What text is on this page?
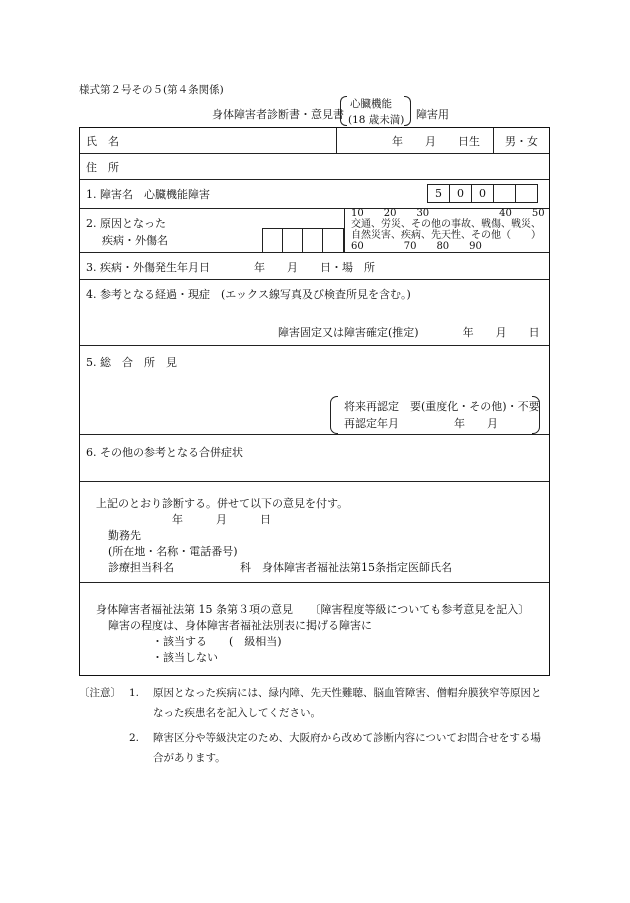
様式第２号その５(第４条関係)
身体障害者診断書・意見書
心臓機能
(18 歳未満) 障害用
氏　名	年　　月　　日生 男・女
住　所
1. 障害名　心臓機能障害	5	0	0
2. 原因となった
疾病・外傷名
10　　20　　30　　　　　　　40　　50
交通、労災、その他の事故、戦傷、戦災、
自然災害、疾病、先天性、その他（　　）
60　　　　70　　80　　90
3. 疾病・外傷発生年月日　　　　年　　月　　日・場　所
4. 参考となる経過・現症　(エックス線写真及び検査所見を含む。)
障害固定又は障害確定(推定)　　　　年　　月　　日
5. 総　合　所　見
将来再認定　要(重度化・その他)・不要
再認定年月　　　　　年　　月
6. その他の参考となる合併症状
上記のとおり診断する。併せて以下の意見を付す。
年　　　月　　　日
勤務先
(所在地・名称・電話番号)
診療担当科名　　　　　　科　身体障害者福祉法第15条指定医師氏名
身体障害者福祉法第 15 条第３項の意見　　〔障害程度等級についても参考意見を記入〕
障害の程度は、身体障害者福祉法別表に掲げる障害に
・該当する　　(　級相当)
・該当しない
〔注意〕 1. 原因となった疾病には、緑内障、先天性難聴、脳血管障害、僧帽弁膜狭窄等原因と
なった疾患名を記入してください。
2. 障害区分や等級決定のため、大阪府から改めて診断内容についてお問合せをする場
合があります。
